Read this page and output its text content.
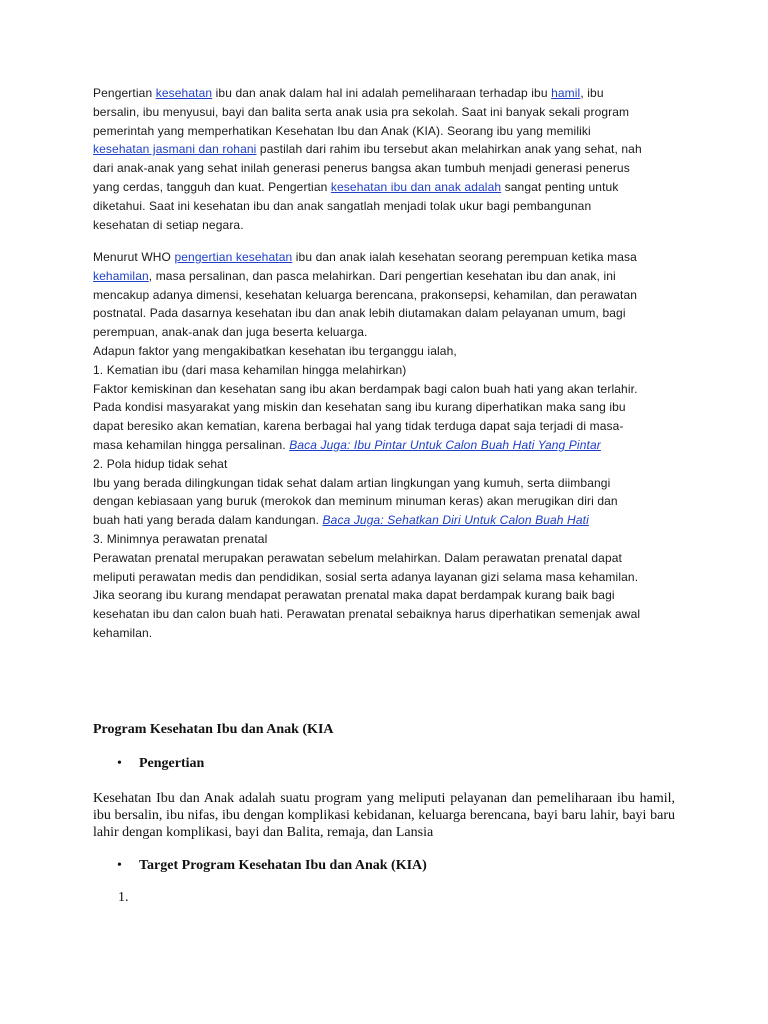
Pengertian kesehatan ibu dan anak dalam hal ini adalah pemeliharaan terhadap ibu hamil, ibu
bersalin, ibu menyusui, bayi dan balita serta anak usia pra sekolah. Saat ini banyak sekali program
pemerintah yang memperhatikan Kesehatan Ibu dan Anak (KIA). Seorang ibu yang memiliki
kesehatan jasmani dan rohani pastilah dari rahim ibu tersebut akan melahirkan anak yang sehat, nah
dari anak-anak yang sehat inilah generasi penerus bangsa akan tumbuh menjadi generasi penerus
yang cerdas, tangguh dan kuat. Pengertian kesehatan ibu dan anak adalah sangat penting untuk
diketahui. Saat ini kesehatan ibu dan anak sangatlah menjadi tolak ukur bagi pembangunan
kesehatan di setiap negara.
Menurut WHO pengertian kesehatan ibu dan anak ialah kesehatan seorang perempuan ketika masa
kehamilan, masa persalinan, dan pasca melahirkan. Dari pengertian kesehatan ibu dan anak, ini
mencakup adanya dimensi, kesehatan keluarga berencana, prakonsepsi, kehamilan, dan perawatan
postnatal. Pada dasarnya kesehatan ibu dan anak lebih diutamakan dalam pelayanan umum, bagi
perempuan, anak-anak dan juga beserta keluarga.
Adapun faktor yang mengakibatkan kesehatan ibu terganggu ialah,
1. Kematian ibu (dari masa kehamilan hingga melahirkan)
Faktor kemiskinan dan kesehatan sang ibu akan berdampak bagi calon buah hati yang akan terlahir.
Pada kondisi masyarakat yang miskin dan kesehatan sang ibu kurang diperhatikan maka sang ibu
dapat beresiko akan kematian, karena berbagai hal yang tidak terduga dapat saja terjadi di masa-
masa kehamilan hingga persalinan. Baca Juga: Ibu Pintar Untuk Calon Buah Hati Yang Pintar
2. Pola hidup tidak sehat
Ibu yang berada dilingkungan tidak sehat dalam artian lingkungan yang kumuh, serta diimbangi
dengan kebiasaan yang buruk (merokok dan meminum minuman keras) akan merugikan diri dan
buah hati yang berada dalam kandungan. Baca Juga: Sehatkan Diri Untuk Calon Buah Hati
3. Minimnya perawatan prenatal
Perawatan prenatal merupakan perawatan sebelum melahirkan. Dalam perawatan prenatal dapat
meliputi perawatan medis dan pendidikan, sosial serta adanya layanan gizi selama masa kehamilan.
Jika seorang ibu kurang mendapat perawatan prenatal maka dapat berdampak kurang baik bagi
kesehatan ibu dan calon buah hati. Perawatan prenatal sebaiknya harus diperhatikan semenjak awal
kehamilan.
Program Kesehatan Ibu dan Anak (KIA
• Pengertian
Kesehatan Ibu dan Anak adalah suatu program yang meliputi pelayanan dan pemeliharaan ibu hamil, ibu bersalin, ibu nifas, ibu dengan komplikasi kebidanan, keluarga berencana, bayi baru lahir, bayi baru lahir dengan komplikasi, bayi dan Balita, remaja, dan Lansia
• Target Program Kesehatan Ibu dan Anak (KIA)
1.
